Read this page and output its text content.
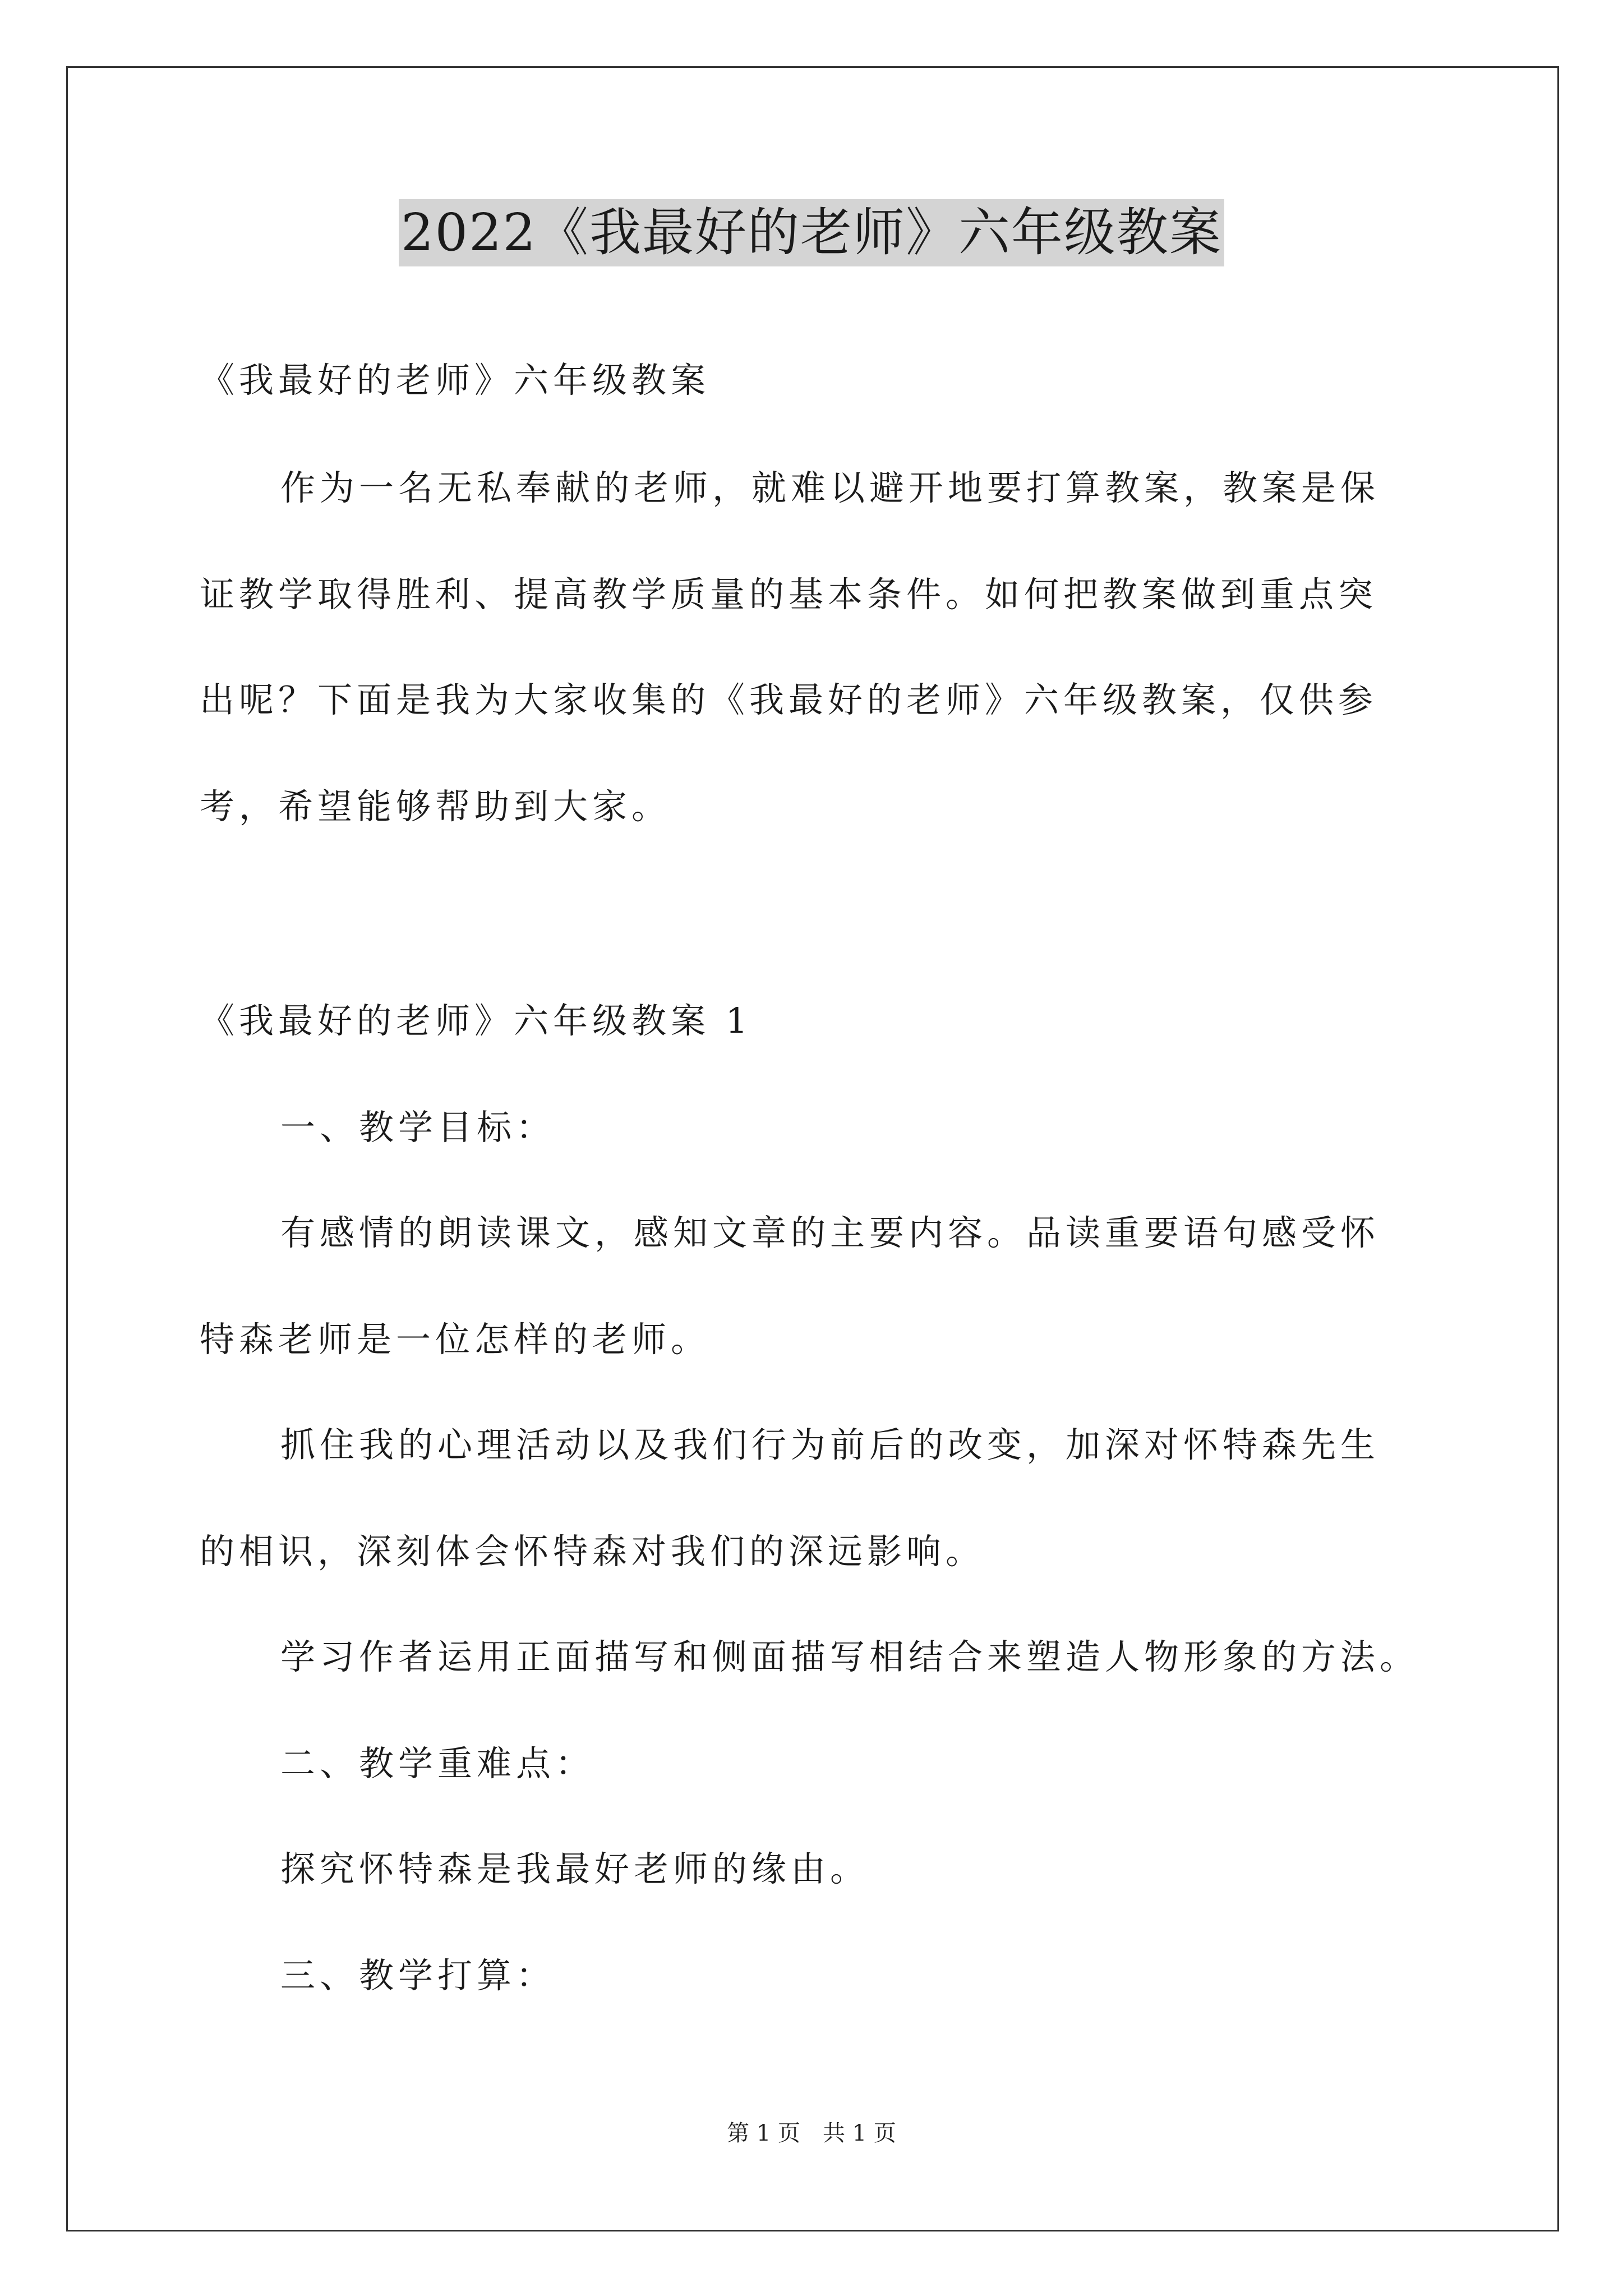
2022《我最好的老师》六年级教案
《我最好的老师》六年级教案
作为一名无私奉献的老师，就难以避开地要打算教案，教案是保
证教学取得胜利、提高教学质量的基本条件。如何把教案做到重点突
出呢？下面是我为大家收集的《我最好的老师》六年级教案，仅供参
考，希望能够帮助到大家。
《我最好的老师》六年级教案 1
一、教学目标：
有感情的朗读课文，感知文章的主要内容。品读重要语句感受怀
特森老师是一位怎样的老师。
抓住我的心理活动以及我们行为前后的改变，加深对怀特森先生
的相识，深刻体会怀特森对我们的深远影响。
学习作者运用正面描写和侧面描写相结合来塑造人物形象的方法。
二、教学重难点：
探究怀特森是我最好老师的缘由。
三、教学打算：
第 1 页　共 1 页
